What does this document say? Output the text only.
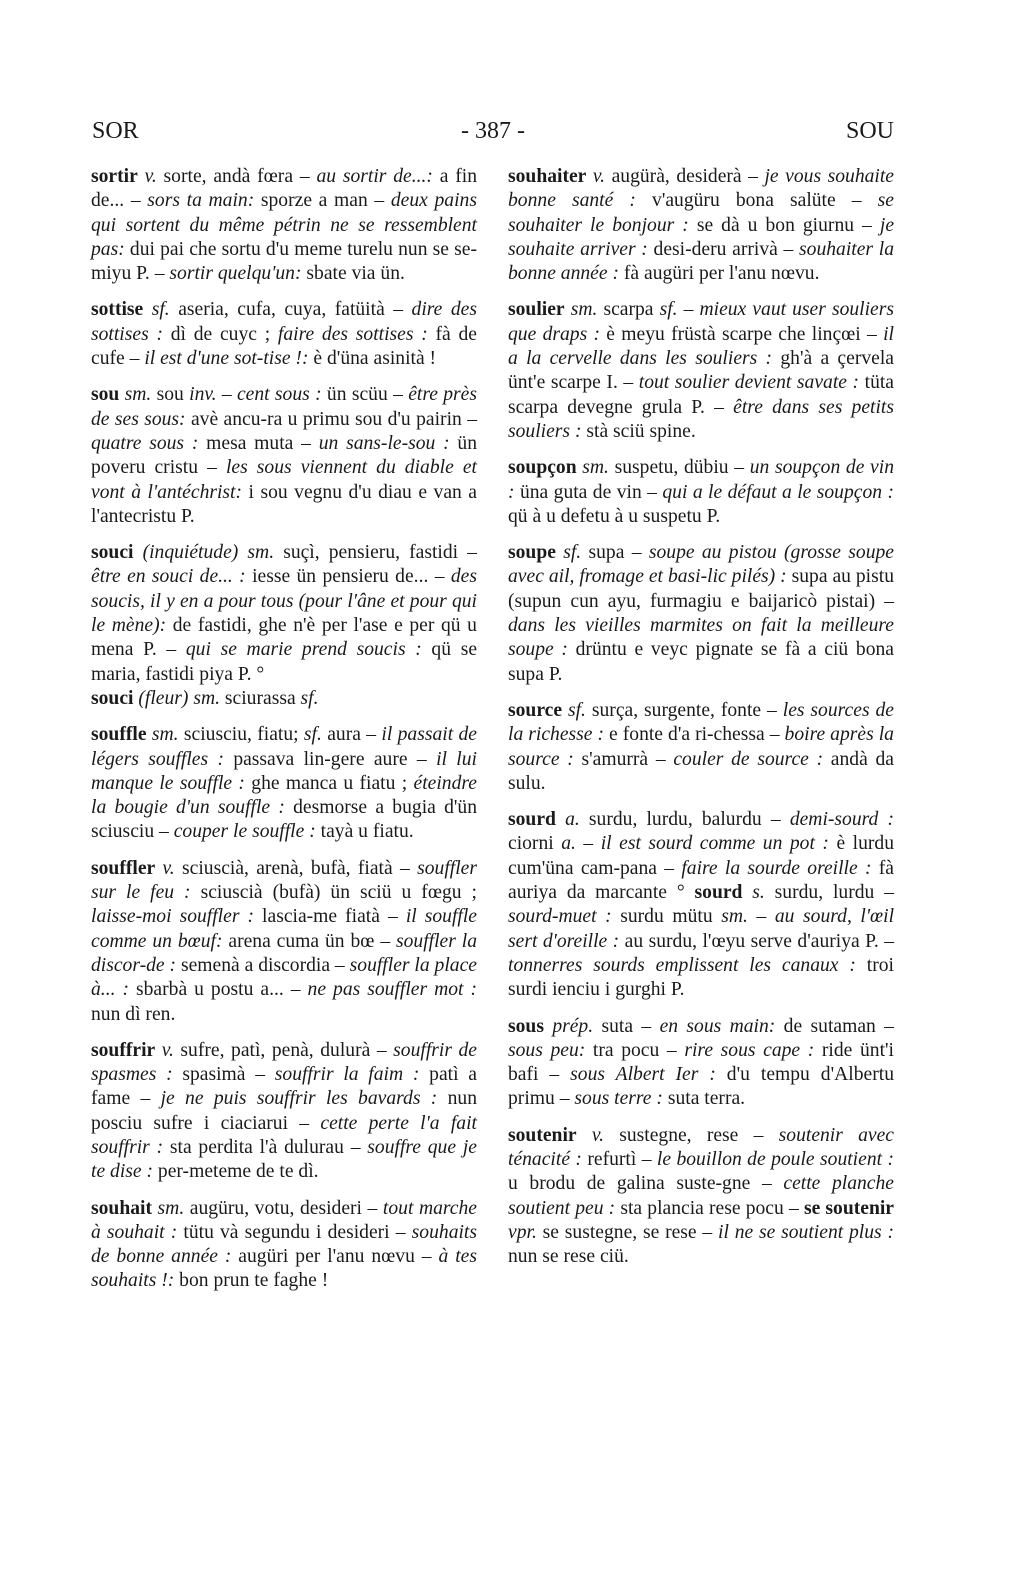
SOR	- 387 -	SOU

sortir v. sorte, andà fœra – au sortir de...: a fin de... – sors ta main: sporze a man – deux pains qui sortent du même pétrin ne se ressemblent pas: dui pai che sortu d'u meme turelu nun se se-miyu P. – sortir quelqu'un: sbate via ün.

sottise sf. aseria, cufa, cuya, fatüità – dire des sottises : dì de cuyc ; faire des sottises : fà de cufe – il est d'une sot-tise !: è d'üna asinità !

sou sm. sou inv. – cent sous : ün scüu – être près de ses sous: avè ancu-ra u primu sou d'u pairin – quatre sous : mesa muta – un sans-le-sou : ün poveru cristu – les sous viennent du diable et vont à l'antéchrist: i sou vegnu d'u diau e van a l'antecristu P.

souci (inquiétude) sm. suçì, pensieru, fastidi – être en souci de... : iesse ün pensieru de... – des soucis, il y en a pour tous (pour l'âne et pour qui le mène): de fastidi, ghe n'è per l'ase e per qü u mena P. – qui se marie prend soucis : qü se maria, fastidi piya P. °

souci (fleur) sm. sciurassa sf.

souffle sm. sciusciu, fiatu; sf. aura – il passait de légers souffles : passava lin-gere aure – il lui manque le souffle : ghe manca u fiatu ; éteindre la bougie d'un souffle : desmorse a bugia d'ün sciusciu – couper le souffle : tayà u fiatu.

souffler v. sciuscià, arenà, bufà, fiatà – souffler sur le feu : sciuscià (bufà) ün sciü u fœgu ; laisse-moi souffler : lascia-me fiatà – il souffle comme un bœuf: arena cuma ün bœ – souffler la discor-de : semenà a discordia – souffler la place à... : sbarbà u postu a... – ne pas souffler mot : nun dì ren.

souffrir v. sufre, patì, penà, dulurà – souffrir de spasmes : spasimà – souffrir la faim : patì a fame – je ne puis souffrir les bavards : nun posciu sufre i ciaciarui – cette perte l'a fait souffrir : sta perdita l'à dulurau – souffre que je te dise : per-meteme de te dì.

souhait sm. augüru, votu, desideri – tout marche à souhait : tütu và segundu i desideri – souhaits de bonne année : augüri per l'anu nœvu – à tes souhaits !: bon prun te faghe !

souhaiter v. augürà, desiderà – je vous souhaite bonne santé : v'augüru bona salüte – se souhaiter le bonjour : se dà u bon giurnu – je souhaite arriver : desi-deru arrivà – souhaiter la bonne année : fà augüri per l'anu nœvu.

soulier sm. scarpa sf. – mieux vaut user souliers que draps : è meyu früstà scarpe che linçœi – il a la cervelle dans les souliers : gh'à a çervela ünt'e scarpe I. – tout soulier devient savate : tüta scarpa devegne grula P. – être dans ses petits souliers : stà sciü spine.

soupçon sm. suspetu, dübiu – un soupçon de vin : üna guta de vin – qui a le défaut a le soupçon : qü à u defetu à u suspetu P.

soupe sf. supa – soupe au pistou (grosse soupe avec ail, fromage et basi-lic pilés) : supa au pistu (supun cun ayu, furmagiu e baijaricò pistai) – dans les vieilles marmites on fait la meilleure soupe : drüntu e veyc pignate se fà a ciü bona supa P.

source sf. surça, surgente, fonte – les sources de la richesse : e fonte d'a ri-chessa – boire après la source : s'amurrà – couler de source : andà da sulu.

sourd a. surdu, lurdu, balurdu – demi-sourd : ciorni a. – il est sourd comme un pot : è lurdu cum'üna cam-pana – faire la sourde oreille : fà auriya da marcante ° sourd s. surdu, lurdu – sourd-muet : surdu mütu sm. – au sourd, l'œil sert d'oreille : au surdu, l'œyu serve d'auriya P. – tonnerres sourds emplissent les canaux : troi surdi ienciu i gurghi P.

sous prép. suta – en sous main: de sutaman – sous peu: tra pocu – rire sous cape : ride ünt'i bafi – sous Albert Ier : d'u tempu d'Albertu primu – sous terre : suta terra.

soutenir v. sustegne, rese – soutenir avec ténacité : refurtì – le bouillon de poule soutient : u brodu de galina suste-gne – cette planche soutient peu : sta plancia rese pocu – se soutenir vpr. se sustegne, se rese – il ne se soutient plus : nun se rese ciü.
